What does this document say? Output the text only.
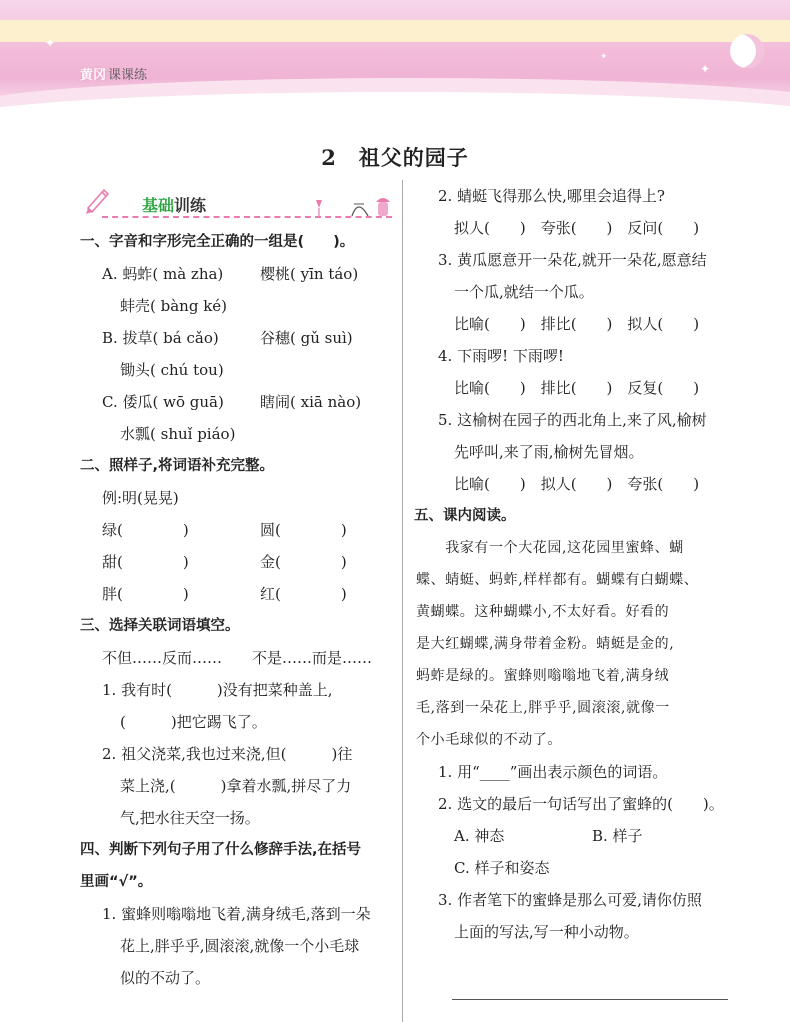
✦
✦
✦
黄冈 课课练
2　祖父的园子
基础训练
一、字音和字形完全正确的一组是(　　)。
A. 蚂蚱( mà zha) 樱桃( yīn táo)
蚌壳( bàng ké)
B. 拔草( bá cǎo)	谷穗( gǔ suì)
锄头( chú tou)
C. 倭瓜( wō guā) 瞎闹( xiā nào)
水瓢( shuǐ piáo)
二、照样子,将词语补充完整。
例:明(晃晃)
绿(　　　　)	圆(　　　　)
甜(　　　　)	金(　　　　)
胖(　　　　)	红(　　　　)
三、选择关联词语填空。
不但……反而……　　不是……而是……
1. 我有时(　　　)没有把菜种盖上,
(　　　)把它踢飞了。
2. 祖父浇菜,我也过来浇,但(　　　)往
菜上浇,(　　　)拿着水瓢,拼尽了力
气,把水往天空一扬。
四、判断下列句子用了什么修辞手法,在括号
里画“√”。
1. 蜜蜂则嗡嗡地飞着,满身绒毛,落到一朵
花上,胖乎乎,圆滚滚,就像一个小毛球
似的不动了。
2. 蜻蜓飞得那么快,哪里会追得上?
拟人(　　)　夸张(　　)　反问(　　)
3. 黄瓜愿意开一朵花,就开一朵花,愿意结
一个瓜,就结一个瓜。
比喻(　　)　排比(　　)　拟人(　　)
4. 下雨啰! 下雨啰!
比喻(　　)　排比(　　)　反复(　　)
5. 这榆树在园子的西北角上,来了风,榆树
先呼叫,来了雨,榆树先冒烟。
比喻(　　)　拟人(　　)　夸张(　　)
五、课内阅读。
　　我家有一个大花园,这花园里蜜蜂、蝴
蝶、蜻蜓、蚂蚱,样样都有。蝴蝶有白蝴蝶、
黄蝴蝶。这种蝴蝶小,不太好看。好看的
是大红蝴蝶,满身带着金粉。蜻蜓是金的,
蚂蚱是绿的。蜜蜂则嗡嗡地飞着,满身绒
毛,落到一朵花上,胖乎乎,圆滚滚,就像一
个小毛球似的不动了。
1. 用“____”画出表示颜色的词语。
2. 选文的最后一句话写出了蜜蜂的(　　)。
A. 神态	B. 样子
C. 样子和姿态
3. 作者笔下的蜜蜂是那么可爱,请你仿照
上面的写法,写一种小动物。
